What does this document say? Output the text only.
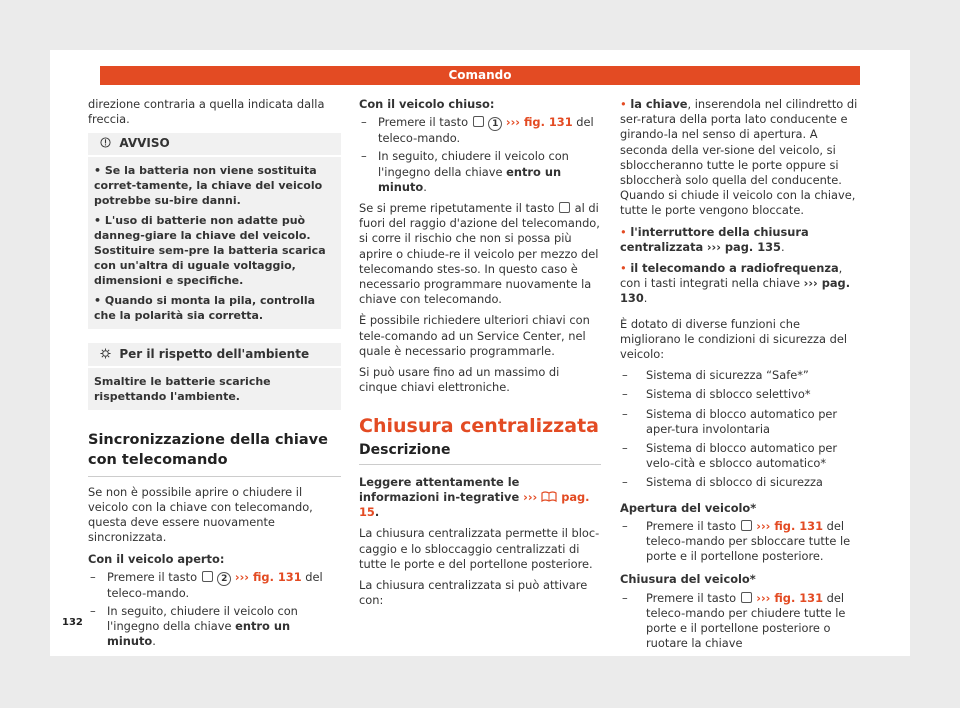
Comando

direzione contraria a quella indicata dalla freccia.

AVVISO

• Se la batteria non viene sostituita corret-tamente, la chiave del veicolo potrebbe su-bire danni.

• L'uso di batterie non adatte può danneg-giare la chiave del veicolo. Sostituire sem-pre la batteria scarica con un'altra di uguale voltaggio, dimensioni e specifiche.

• Quando si monta la pila, controlla che la polarità sia corretta.

Per il rispetto dell'ambiente

Smaltire le batterie scariche rispettando l'ambiente.

Sincronizzazione della chiave con telecomando

Se non è possibile aprire o chiudere il veicolo con la chiave con telecomando, questa deve essere nuovamente sincronizzata.

Con il veicolo aperto:

– Premere il tasto	2 ››› fig. 131 del teleco-mando.
– In seguito, chiudere il veicolo con l'ingegno della chiave entro un minuto.

Con il veicolo chiuso:

– Premere il tasto	1 ››› fig. 131 del teleco-mando.
– In seguito, chiudere il veicolo con l'ingegno della chiave entro un minuto.

Se si preme ripetutamente il tasto al di fuori del raggio d'azione del telecomando, si corre il rischio che non si possa più aprire o chiude-re il veicolo per mezzo del telecomando stes-so. In questo caso è necessario programmare nuovamente la chiave con telecomando.

È possibile richiedere ulteriori chiavi con tele-comando ad un Service Center, nel quale è necessario programmarle.

Si può usare fino ad un massimo di cinque chiavi elettroniche.

Chiusura centralizzata
Descrizione

Leggere attentamente le informazioni in-tegrative ›››  pag. 15.

La chiusura centralizzata permette il bloc-caggio e lo sbloccaggio centralizzati di tutte le porte e del portellone posteriore.

La chiusura centralizzata si può attivare con:

• la chiave, inserendola nel cilindretto di ser-ratura della porta lato conducente e girando-la nel senso di apertura. A seconda della ver-sione del veicolo, si sbloccheranno tutte le porte oppure si sbloccherà solo quella del conducente. Quando si chiude il veicolo con la chiave, tutte le porte vengono bloccate.

• l'interruttore della chiusura centralizzata ››› pag. 135.

• il telecomando a radiofrequenza, con i tasti integrati nella chiave ››› pag. 130.

È dotato di diverse funzioni che migliorano le condizioni di sicurezza del veicolo:

– Sistema di sicurezza “Safe*”
– Sistema di sblocco selettivo*
– Sistema di blocco automatico per aper-tura involontaria
– Sistema di blocco automatico per velo-cità e sblocco automatico*
– Sistema di sblocco di sicurezza

Apertura del veicolo*

– Premere il tasto ››› fig. 131 del teleco-mando per sbloccare tutte le porte e il portellone posteriore.

Chiusura del veicolo*

– Premere il tasto ››› fig. 131 del teleco-mando per chiudere tutte le porte e il portellone posteriore o ruotare la chiave
132
